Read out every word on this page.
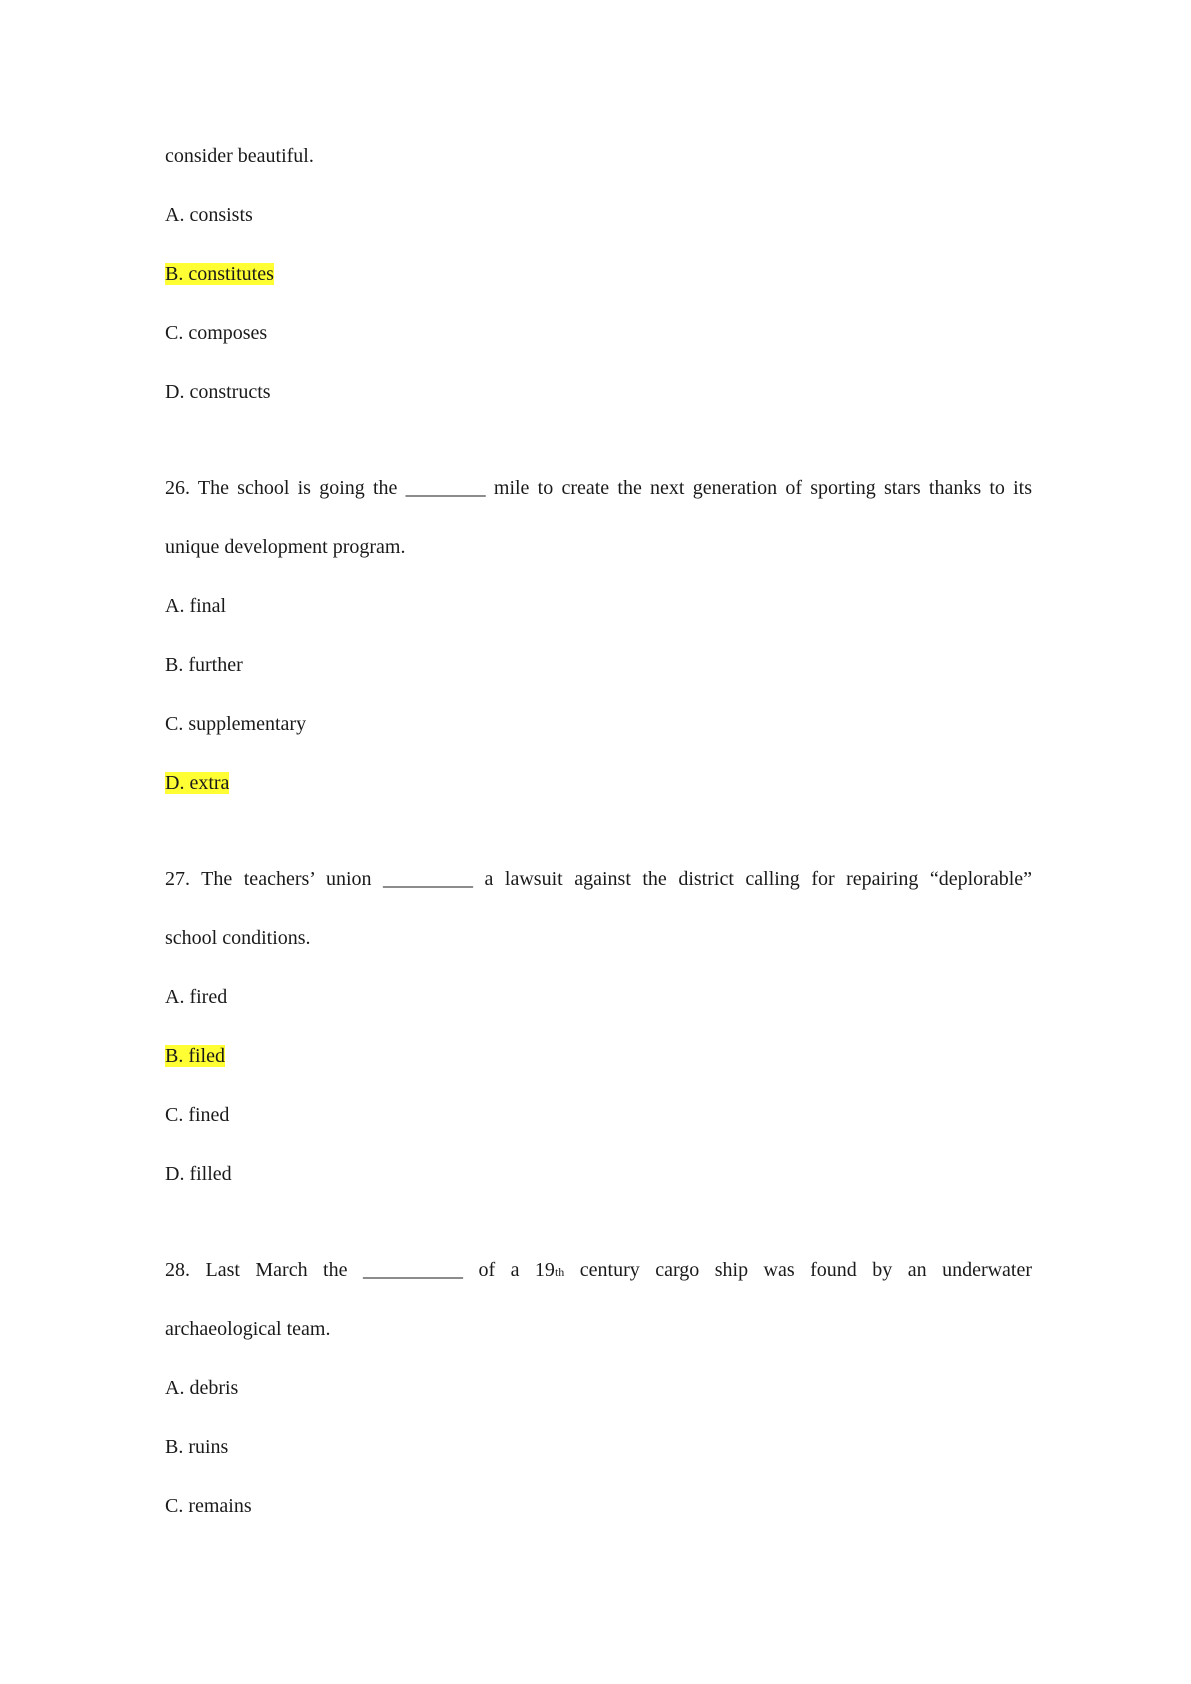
consider beautiful.
A. consists
B. constitutes
C. composes
D. constructs
26. The school is going the ________ mile to create the next generation of sporting stars thanks to its
unique development program.
A. final
B. further
C. supplementary
D. extra
27. The teachers’ union _________ a lawsuit against the district calling for repairing “deplorable”
school conditions.
A. fired
B. filed
C. fined
D. filled
28. Last March the __________ of a 19th century cargo ship was found by an underwater
archaeological team.
A. debris
B. ruins
C. remains
